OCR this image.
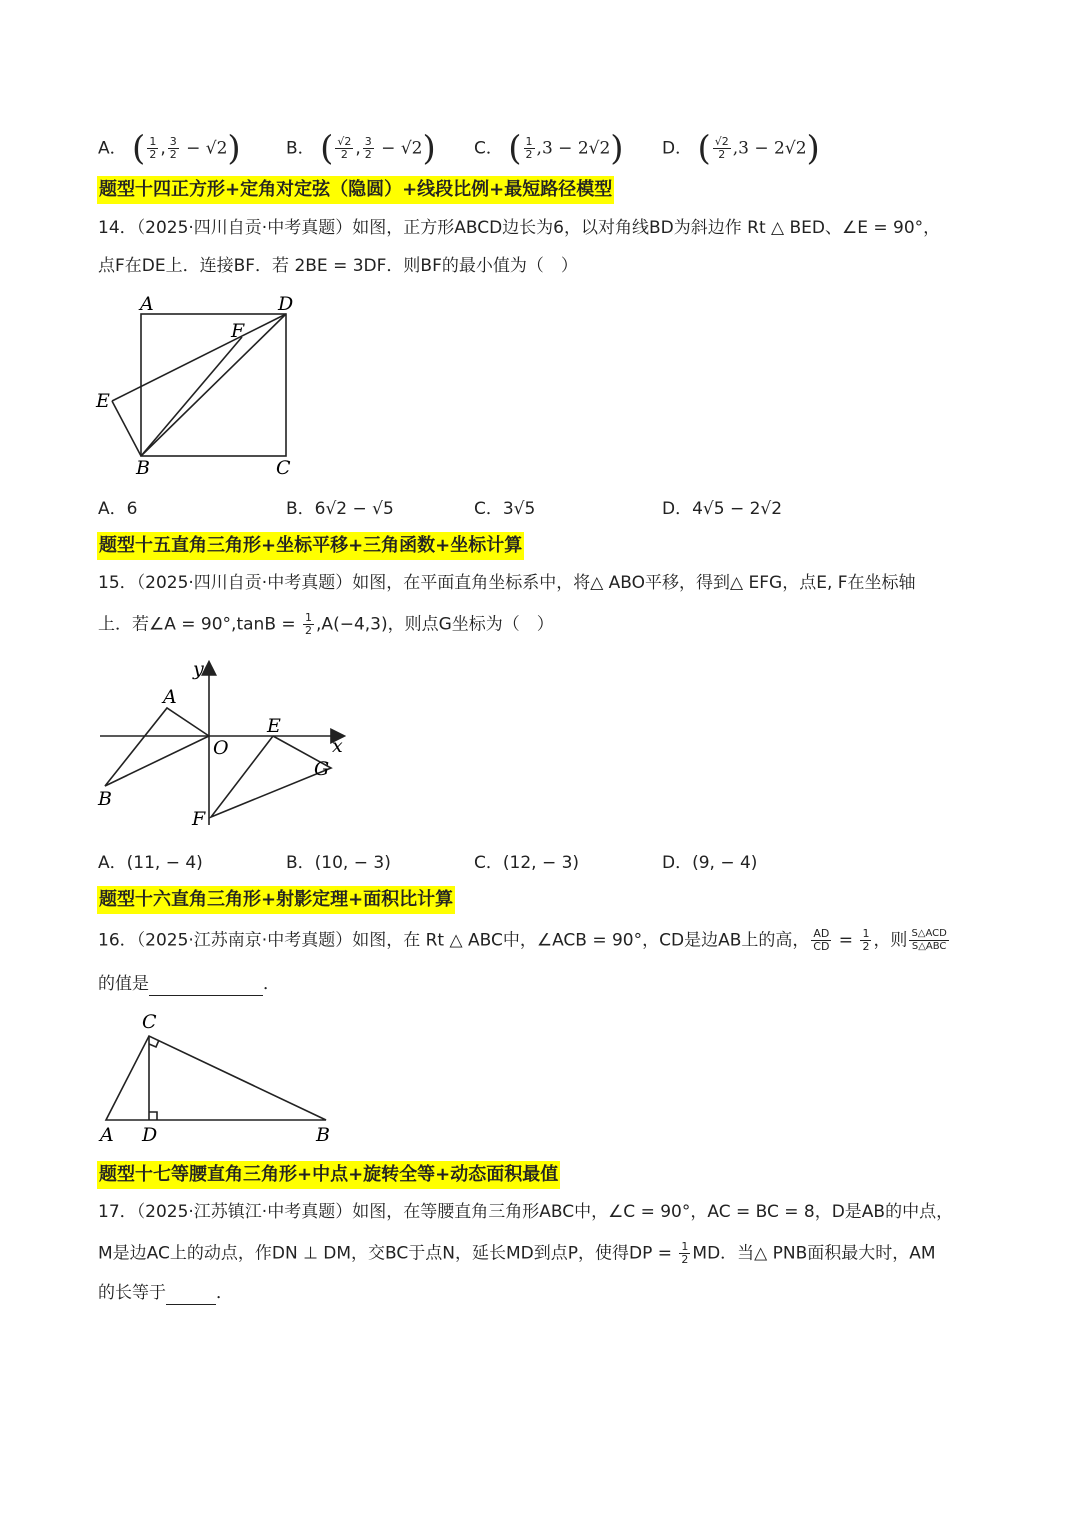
A． ( $\frac{1}{2}$ , $\frac{3}{2} - √2$)	B． ( $\frac{√2}{2}$ , $\frac{3}{2} - √2$) C． ( $\frac{1}{2} ,3 - 2√2$) D． ( $\frac{√2}{2} ,3 - 2√2$)
题型十四正方形+定角对定弦（隐圆）+线段比例+最短路径模型
14．（2025·四川自贡·中考真题）如图，正方形ABCD边长为6，以对角线BD为斜边作 Rt △ BED、∠E = 90°，
点F在DE上．连接BF．若 2BE = 3DF．则BF的最小值为（　）
A	D
F
E
B	C
A．6	B．6√2 − √5	C．3√5	D．4√5 − 2√2
题型十五直角三角形+坐标平移+三角函数+坐标计算
15．（2025·四川自贡·中考真题）如图，在平面直角坐标系中，将△ ABO平移，得到△ EFG，点E, F在坐标轴
上．若∠A = $90^\circ,\tan B = \frac{1}{2} ,A(-4,3)$，则点G坐标为（　）
y
A
O
E
x
G
B
F
A．(11, − 4)	B．(10, − 3)	C．(12, − 3)	D．(9, − 4)
题型十六直角三角形+射影定理+面积比计算
16．（2025·江苏南京·中考真题）如图，在 Rt △ ABC中，∠ACB = 90°，CD是边AB上的高， $\frac{AD}{CD} = \frac{1}{2}$ ，则 $\frac{\text{S△ACD}}{\text{S△ABC}}$
的值是	．
C
A D	B
题型十七等腰直角三角形+中点+旋转全等+动态面积最值
17．（2025·江苏镇江·中考真题）如图，在等腰直角三角形ABC中，∠C = 90°，AC = BC = 8，D是AB的中点，
M是边AC上的动点，作DN ⊥ DM，交BC于点N，延长MD到点P，使得DP = $\frac{1}{2}$ MD．当△ PNB面积最大时，AM
的长等于	．
